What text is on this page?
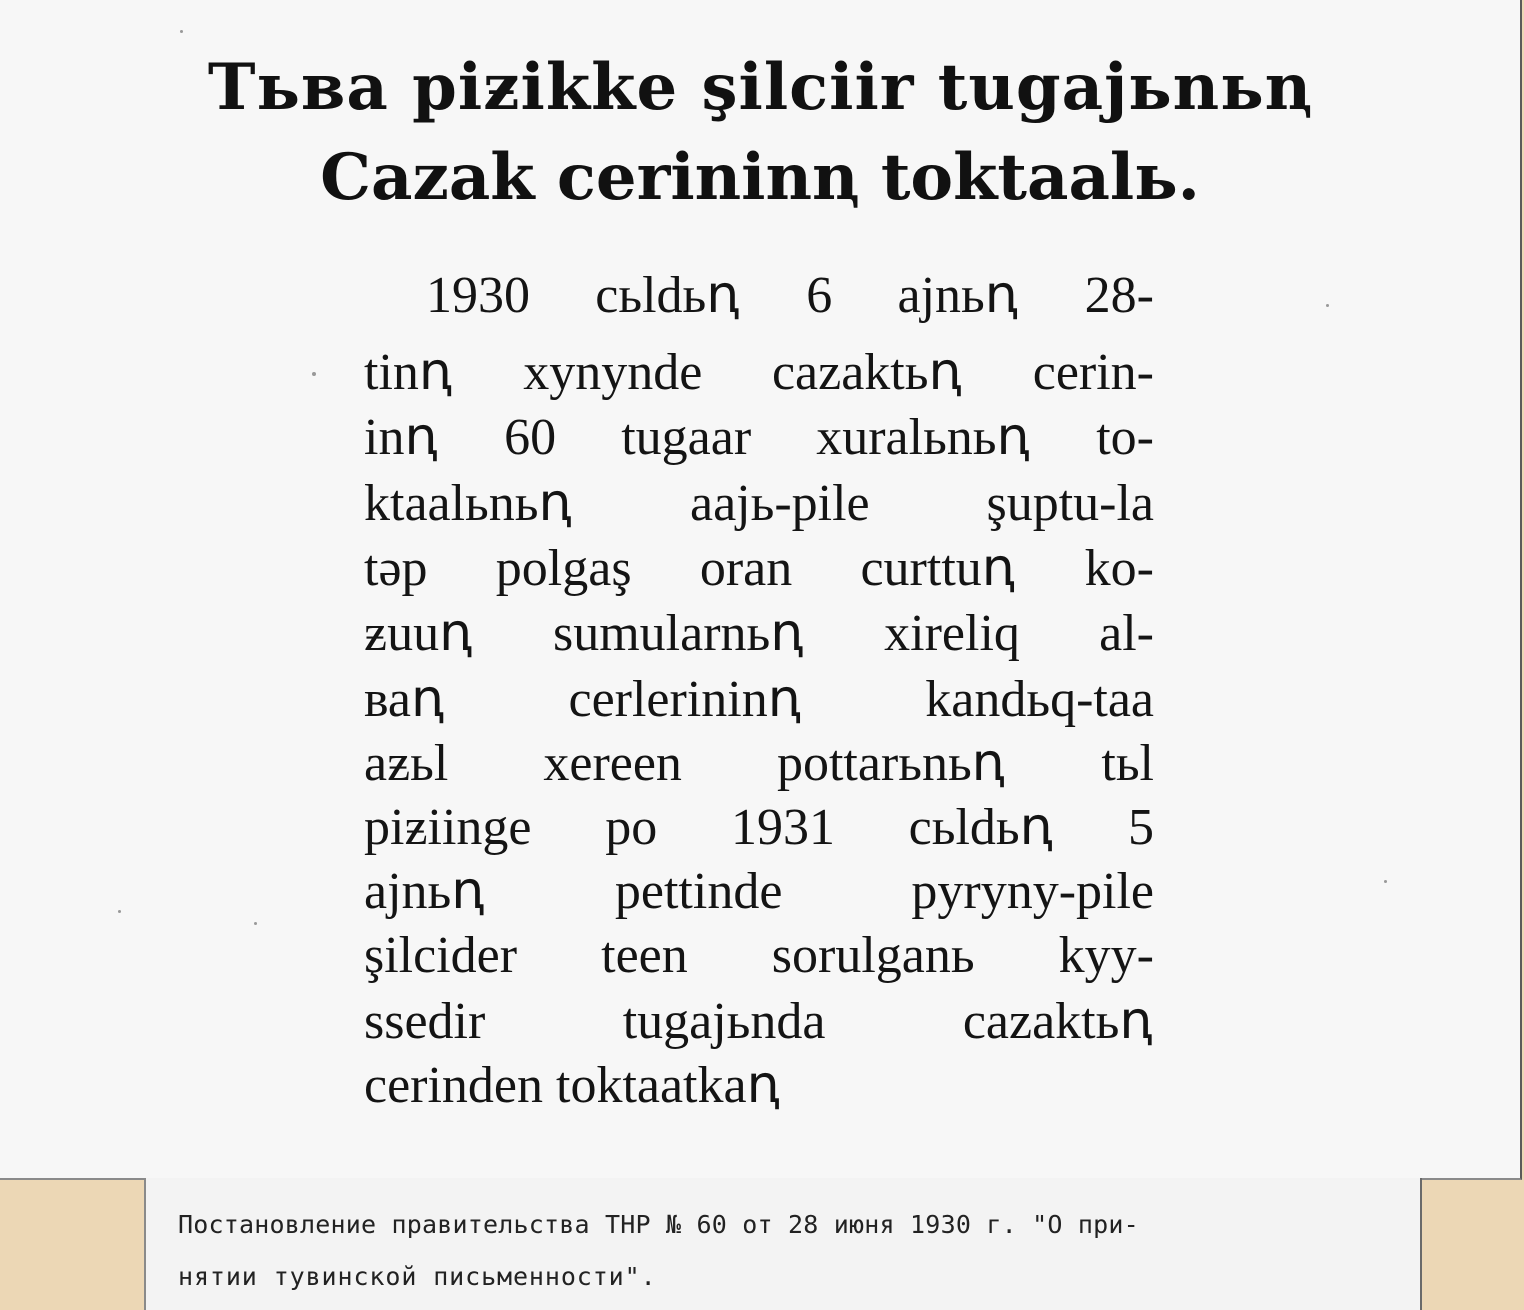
Тьва piƶikke şilciir tugajьnьꞑ
Cazak cerininꞑ toktaalь.
1930 cьldьꞑ 6 ajnьꞑ 28-
tinꞑ xynynde cazaktьꞑ cerin-
inꞑ 60 tugaar xuralьnьꞑ to-
ktaalьnьꞑ aajь-pile şuptu-la
təp polgaş oran curttuꞑ ko-
ƶuuꞑ sumularnьꞑ xireliq al-
ваꞑ cerlerininꞑ kandьq-taa
aƶьl xereen pottarьnьꞑ tьl
piƶiinge po 1931 cьldьꞑ 5
ajnьꞑ pettinde pyrynу-pile
şilcider teen sorulganь kyy-
ssedir tugajьnda cazaktьꞑ
cerinden toktaatkaꞑ
Постановление правительства ТНР № 60 от 28 июня 1930 г. "О при-
нятии тувинской письменности".
